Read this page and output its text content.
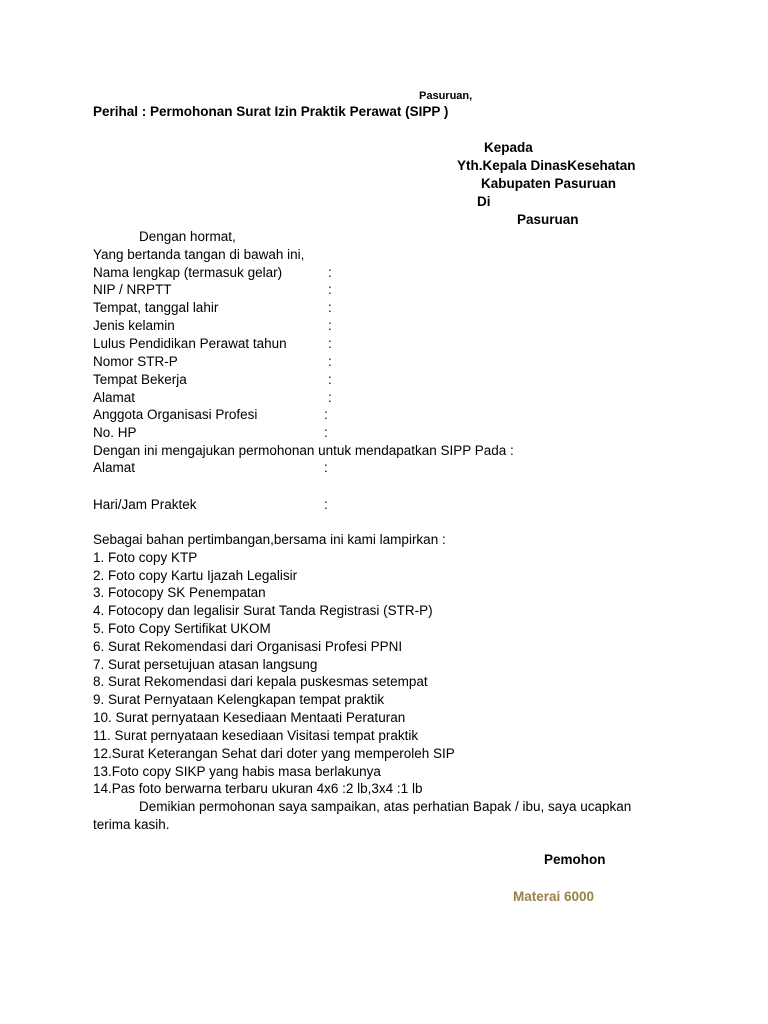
Pasuruan,
Perihal : Permohonan Surat Izin Praktik Perawat (SIPP )
Kepada
Yth.Kepala DinasKesehatan
Kabupaten Pasuruan
Di
Pasuruan
Dengan hormat,
Yang bertanda tangan di bawah ini,
Nama lengkap (termasuk gelar)	:
NIP / NRPTT	:
Tempat, tanggal lahir	:
Jenis kelamin	:
Lulus Pendidikan Perawat tahun	:
Nomor STR-P	:
Tempat Bekerja	:
Alamat	:
Anggota Organisasi Profesi	:
No. HP	:
Dengan ini mengajukan permohonan untuk mendapatkan SIPP Pada :
Alamat	:
Hari/Jam Praktek	:
Sebagai bahan pertimbangan,bersama ini kami lampirkan :
1. Foto copy KTP
2. Foto copy Kartu Ijazah Legalisir
3. Fotocopy SK Penempatan
4. Fotocopy dan legalisir Surat Tanda Registrasi (STR-P)
5. Foto Copy Sertifikat UKOM
6. Surat Rekomendasi dari Organisasi Profesi PPNI
7. Surat persetujuan atasan langsung
8. Surat Rekomendasi dari kepala puskesmas setempat
9. Surat Pernyataan Kelengkapan tempat praktik
10. Surat pernyataan Kesediaan Mentaati Peraturan
11. Surat pernyataan kesediaan Visitasi tempat praktik
12.Surat Keterangan Sehat dari doter yang memperoleh SIP
13.Foto copy SIKP yang habis masa berlakunya
14.Pas foto berwarna terbaru ukuran 4x6 :2 lb,3x4 :1 lb
Demikian permohonan saya sampaikan, atas perhatian Bapak / ibu, saya ucapkan
terima kasih.
Pemohon
Materai 6000
